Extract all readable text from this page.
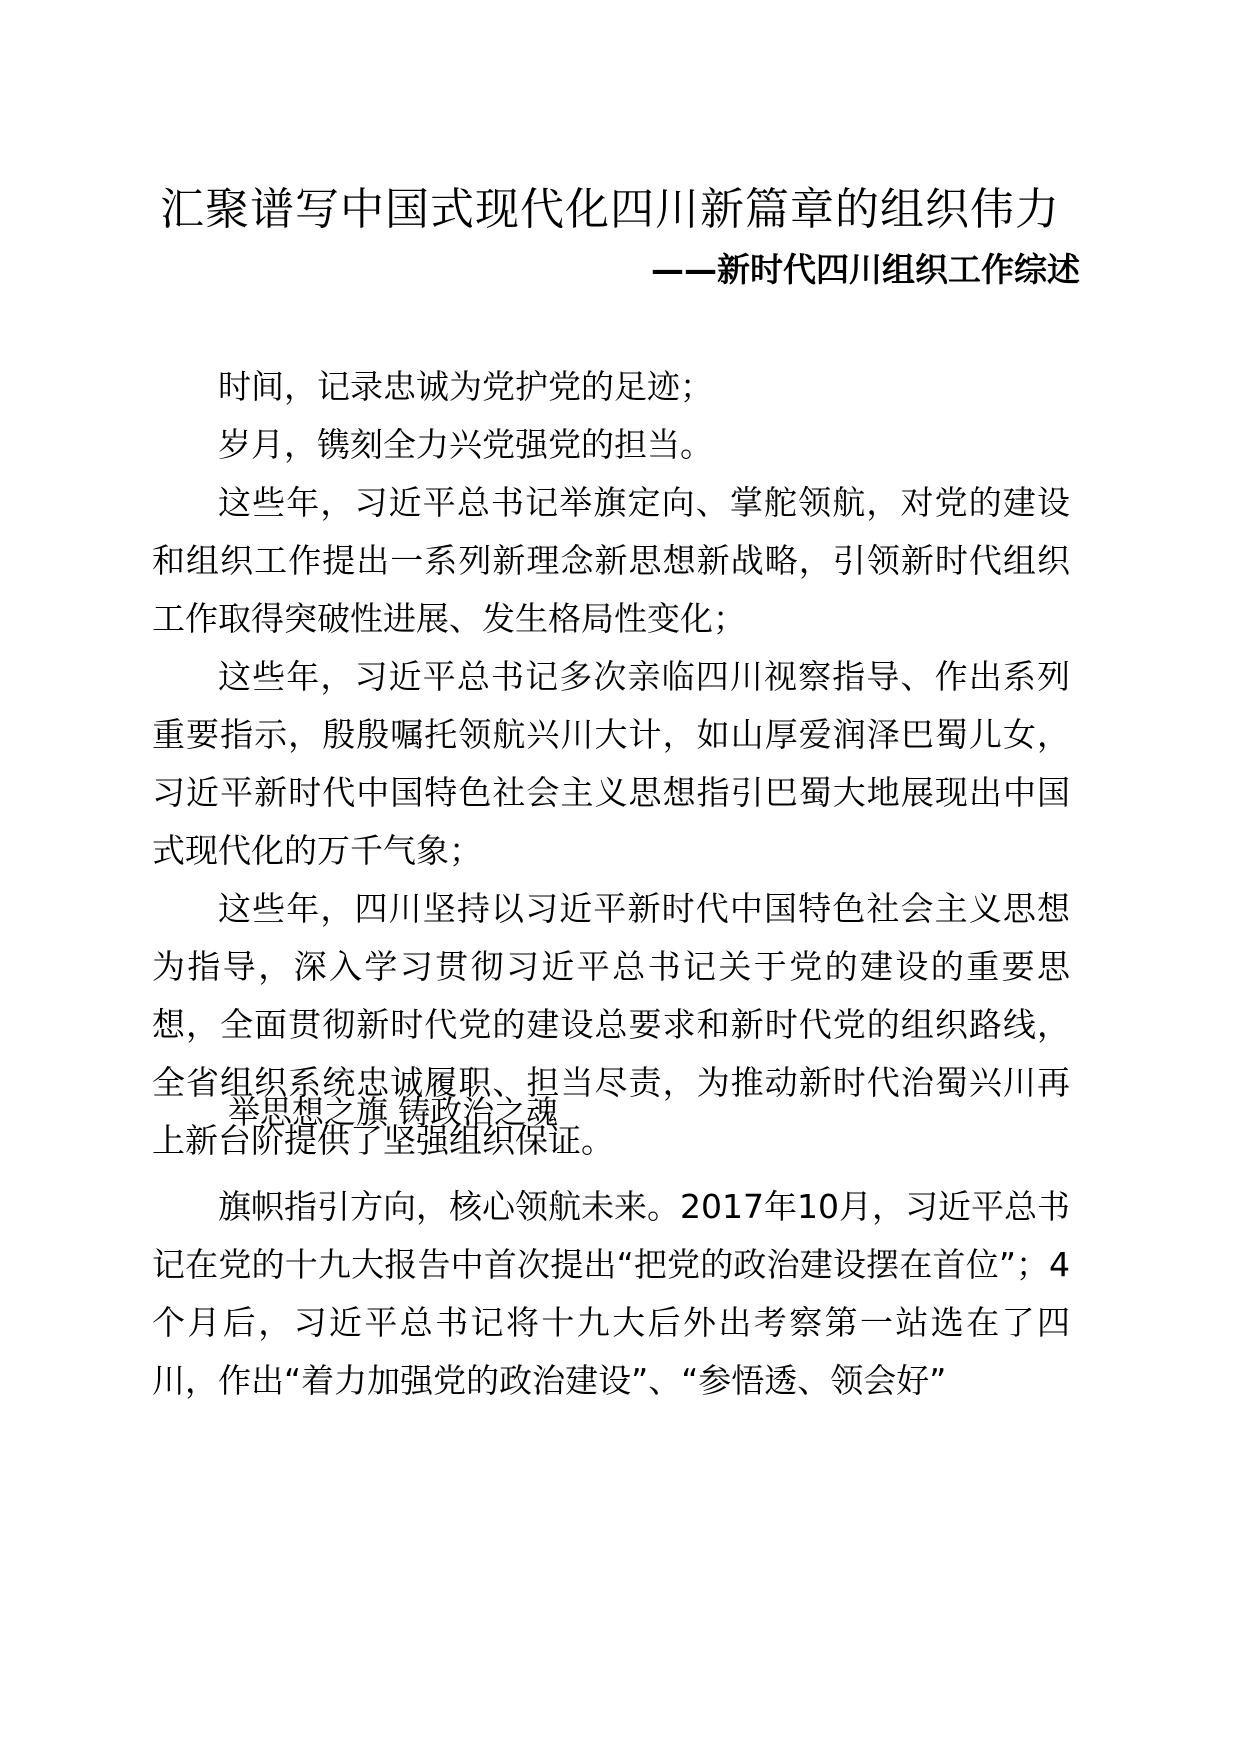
汇聚谱写中国式现代化四川新篇章的组织伟力
——新时代四川组织工作综述

时间，记录忠诚为党护党的足迹；

岁月，镌刻全力兴党强党的担当。

这些年，习近平总书记举旗定向、掌舵领航，对党的建设和组织工作提出一系列新理念新思想新战略，引领新时代组织工作取得突破性进展、发生格局性变化；

这些年，习近平总书记多次亲临四川视察指导、作出系列重要指示，殷殷嘱托领航兴川大计，如山厚爱润泽巴蜀儿女，习近平新时代中国特色社会主义思想指引巴蜀大地展现出中国式现代化的万千气象；

这些年，四川坚持以习近平新时代中国特色社会主义思想为指导，深入学习贯彻习近平总书记关于党的建设的重要思想，全面贯彻新时代党的建设总要求和新时代党的组织路线，全省组织系统忠诚履职、担当尽责，为推动新时代治蜀兴川再上新台阶提供了坚强组织保证。

举思想之旗 铸政治之魂

旗帜指引方向，核心领航未来。2017年10月，习近平总书记在党的十九大报告中首次提出“把党的政治建设摆在首位”；4个月后，习近平总书记将十九大后外出考察第一站选在了四川，作出“着力加强党的政治建设”、“参悟透、领会好”
